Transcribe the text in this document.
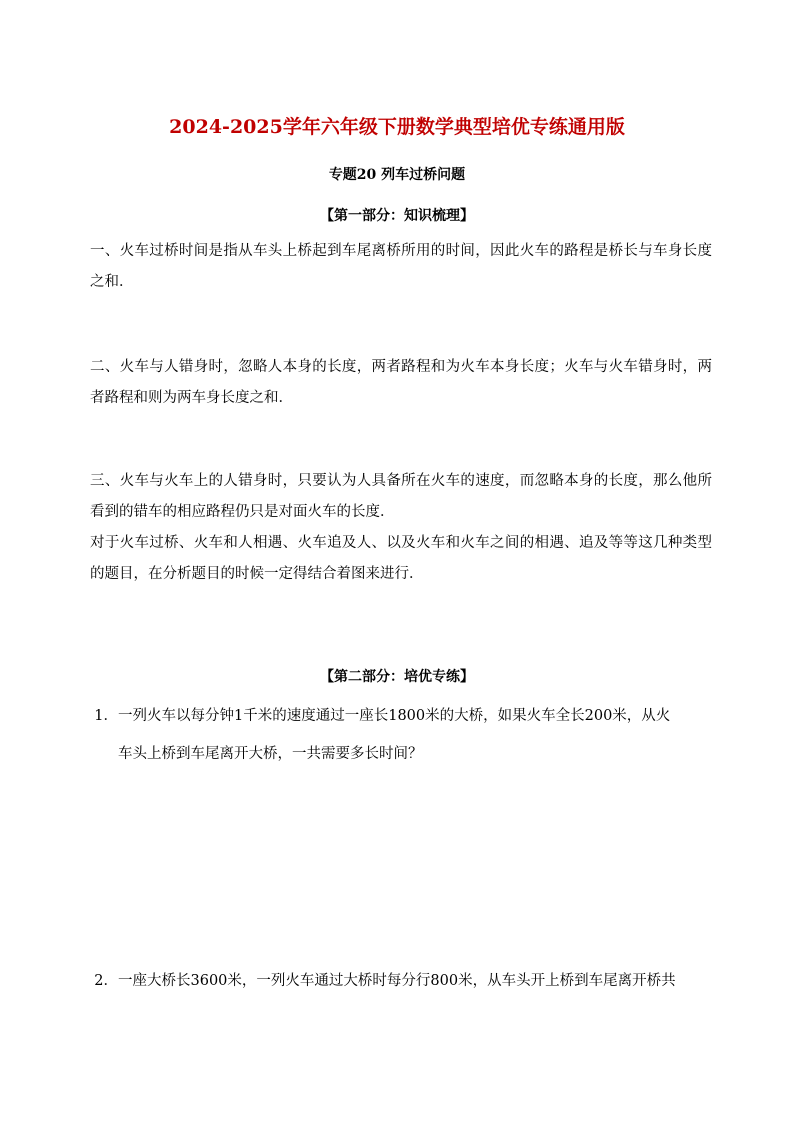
2024-2025学年六年级下册数学典型培优专练通用版
专题20 列车过桥问题
【第一部分：知识梳理】
一、火车过桥时间是指从车头上桥起到车尾离桥所用的时间，因此火车的路程是桥长与车身长度之和．
二、火车与人错身时，忽略人本身的长度，两者路程和为火车本身长度；火车与火车错身时，两者路程和则为两车身长度之和．
三、火车与火车上的人错身时，只要认为人具备所在火车的速度，而忽略本身的长度，那么他所看到的错车的相应路程仍只是对面火车的长度．
对于火车过桥、火车和人相遇、火车追及人、以及火车和火车之间的相遇、追及等等这几种类型的题目，在分析题目的时候一定得结合着图来进行．
【第二部分：培优专练】
1．一列火车以每分钟1千米的速度通过一座长1800米的大桥，如果火车全长200米，从火
车头上桥到车尾离开大桥，一共需要多长时间？
2．一座大桥长3600米，一列火车通过大桥时每分行800米，从车头开上桥到车尾离开桥共
